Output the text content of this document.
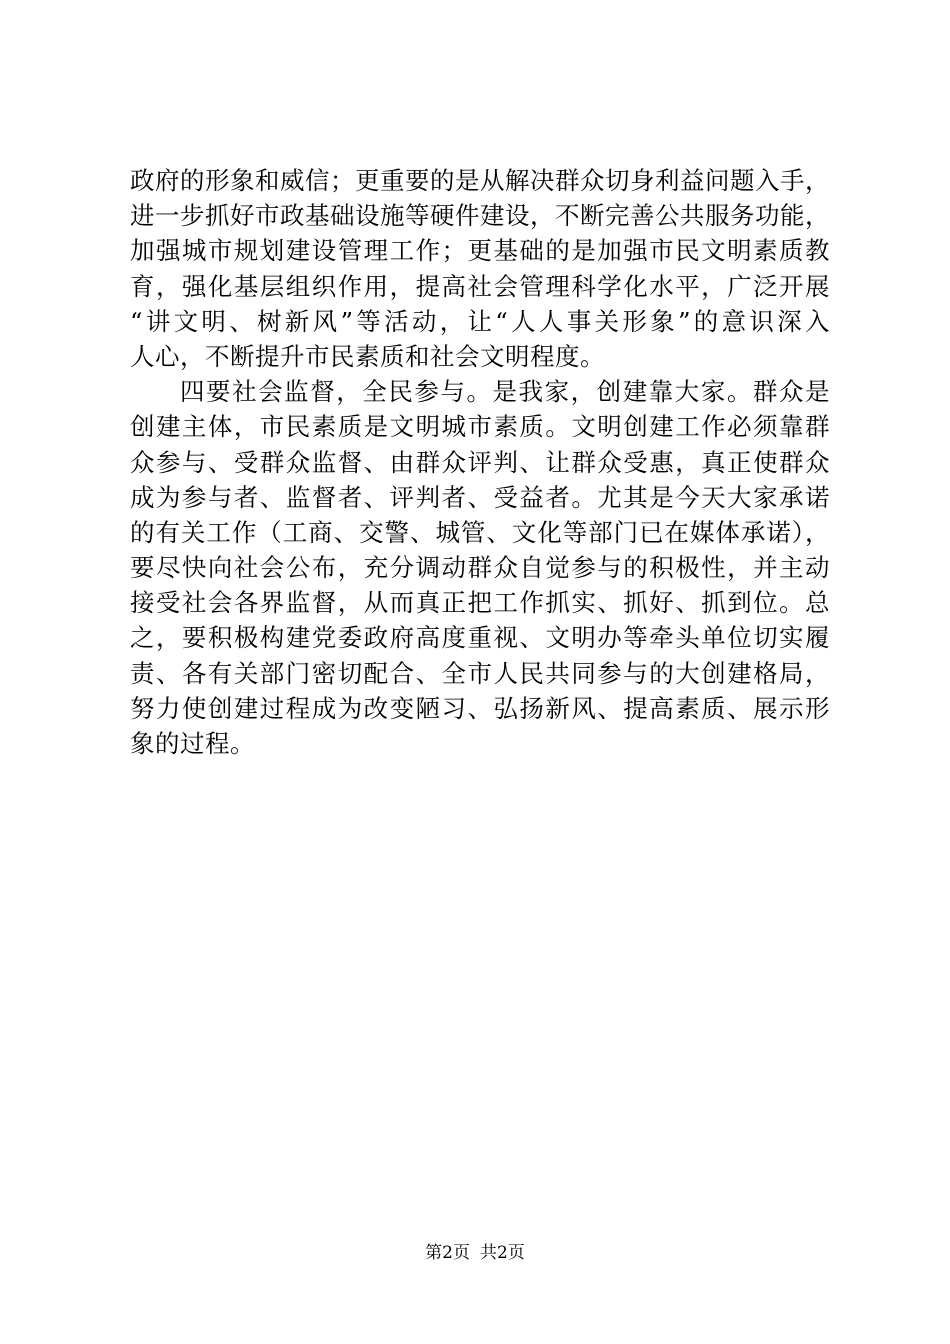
政府的形象和威信；更重要的是从解决群众切身利益问题入手，
进一步抓好市政基础设施等硬件建设，不断完善公共服务功能，
加强城市规划建设管理工作；更基础的是加强市民文明素质教
育，强化基层组织作用，提高社会管理科学化水平，广泛开展
“讲文明、树新风”等活动，让“人人事关形象”的意识深入
人心，不断提升市民素质和社会文明程度。
四要社会监督，全民参与。是我家，创建靠大家。群众是
创建主体，市民素质是文明城市素质。文明创建工作必须靠群
众参与、受群众监督、由群众评判、让群众受惠，真正使群众
成为参与者、监督者、评判者、受益者。尤其是今天大家承诺
的有关工作（工商、交警、城管、文化等部门已在媒体承诺），
要尽快向社会公布，充分调动群众自觉参与的积极性，并主动
接受社会各界监督，从而真正把工作抓实、抓好、抓到位。总
之，要积极构建党委政府高度重视、文明办等牵头单位切实履
责、各有关部门密切配合、全市人民共同参与的大创建格局，
努力使创建过程成为改变陋习、弘扬新风、提高素质、展示形
象的过程。
第2页 共2页
